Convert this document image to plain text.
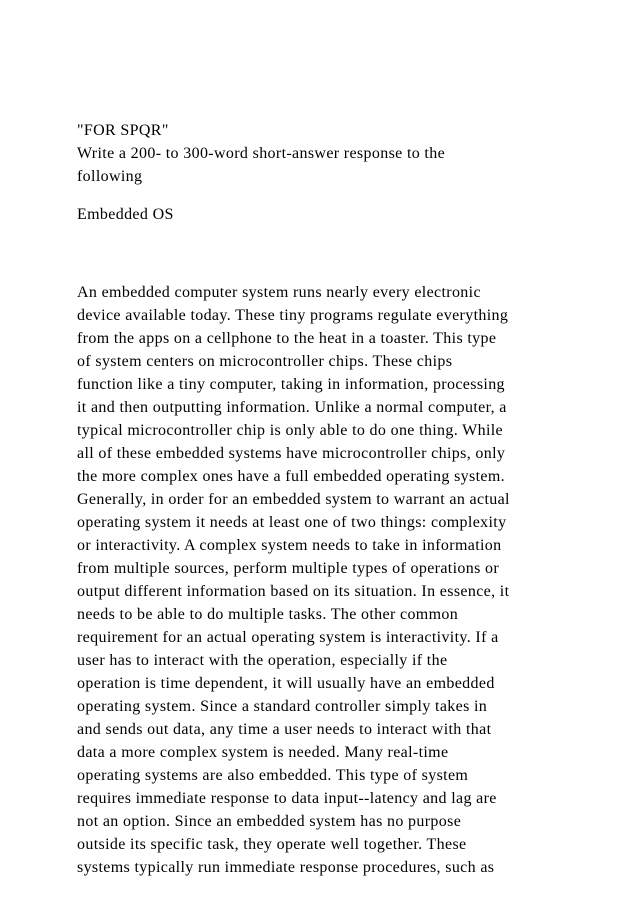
"FOR SPQR"
Write a 200- to 300-word short-answer response to the
following
Embedded OS
An embedded computer system runs nearly every electronic
device available today. These tiny programs regulate everything
from the apps on a cellphone to the heat in a toaster. This type
of system centers on microcontroller chips. These chips
function like a tiny computer, taking in information, processing
it and then outputting information. Unlike a normal computer, a
typical microcontroller chip is only able to do one thing. While
all of these embedded systems have microcontroller chips, only
the more complex ones have a full embedded operating system.
Generally, in order for an embedded system to warrant an actual
operating system it needs at least one of two things: complexity
or interactivity. A complex system needs to take in information
from multiple sources, perform multiple types of operations or
output different information based on its situation. In essence, it
needs to be able to do multiple tasks. The other common
requirement for an actual operating system is interactivity. If a
user has to interact with the operation, especially if the
operation is time dependent, it will usually have an embedded
operating system. Since a standard controller simply takes in
and sends out data, any time a user needs to interact with that
data a more complex system is needed. Many real-time
operating systems are also embedded. This type of system
requires immediate response to data input--latency and lag are
not an option. Since an embedded system has no purpose
outside its specific task, they operate well together. These
systems typically run immediate response procedures, such as
